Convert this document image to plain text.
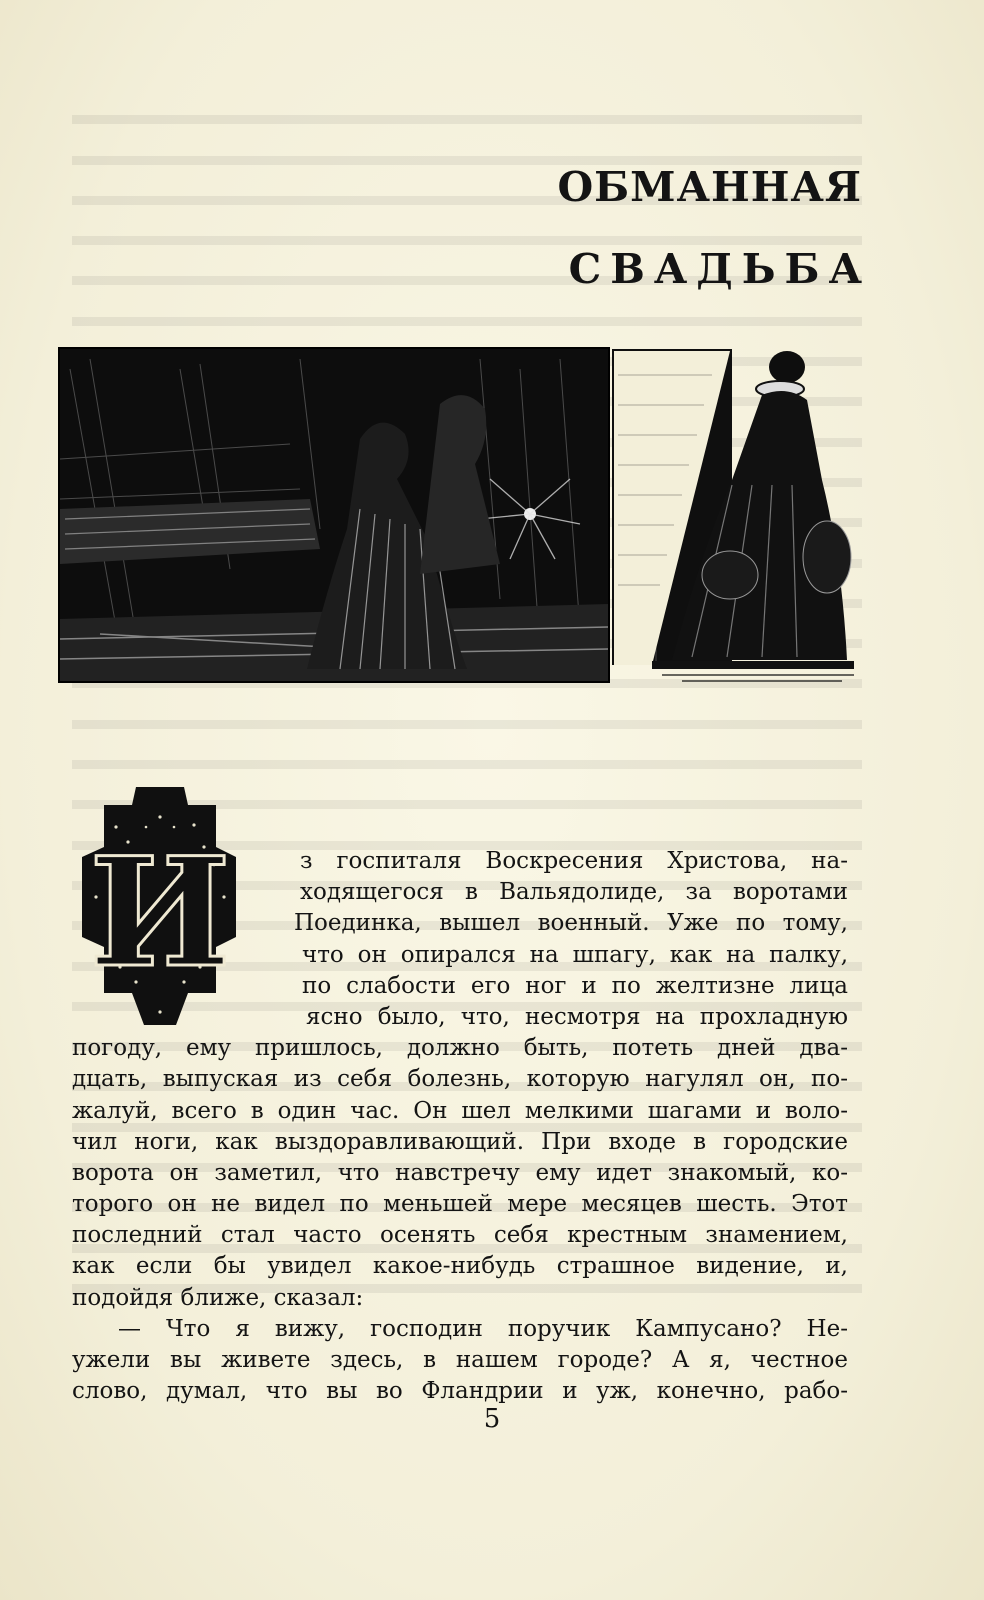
ОБМАННАЯ
СВАДЬБА
И	з госпиталя Воскресения Христова, на-
ходящегося в Вальядолиде, за воротами
Поединка, вышел военный. Уже по тому,
что он опирался на шпагу, как на палку,
по слабости его ног и по желтизне лица
ясно было, что, несмотря на прохладную
погоду, ему пришлось, должно быть, потеть дней два-
дцать, выпуская из себя болезнь, которую нагулял он, по-
жалуй, всего в один час. Он шел мелкими шагами и воло-
чил ноги, как выздоравливающий. При входе в городские
ворота он заметил, что навстречу ему идет знакомый, ко-
торого он не видел по меньшей мере месяцев шесть. Этот
последний стал часто осенять себя крестным знамением,
как если бы увидел какое-нибудь страшное видение, и,
подойдя ближе, сказал:
— Что я вижу, господин поручик Кампусано? Не-
ужели вы живете здесь, в нашем городе? А я, честное
слово, думал, что вы во Фландрии и уж, конечно, рабо-
5
